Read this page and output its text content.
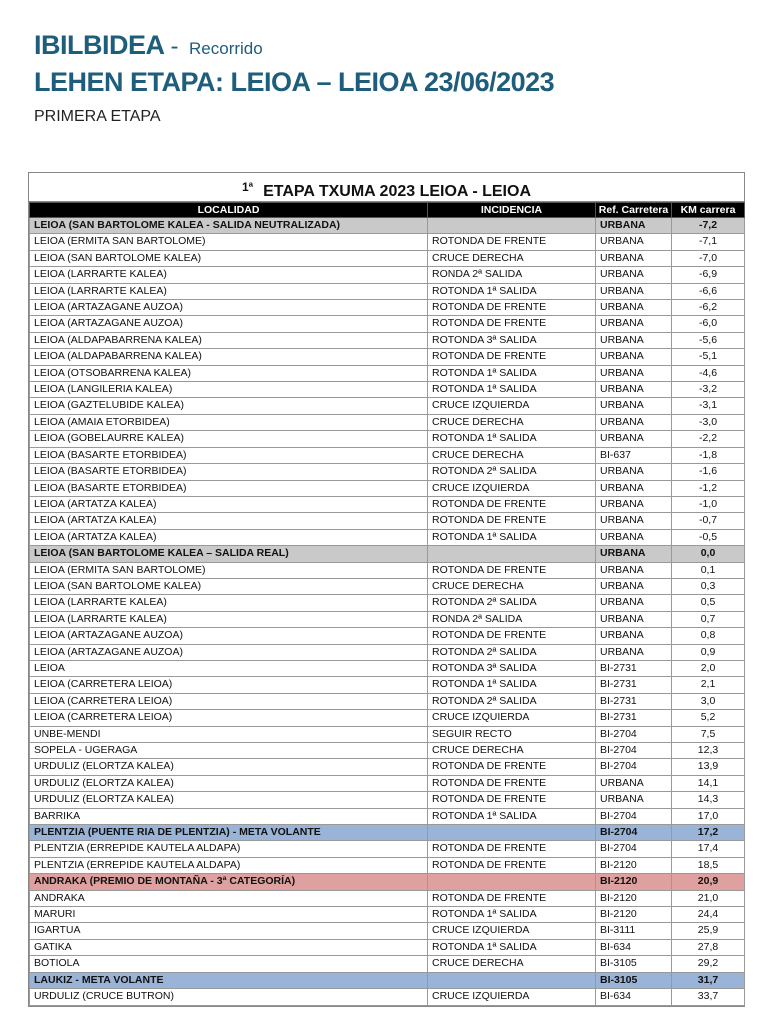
IBILBIDEA - Recorrido
LEHEN ETAPA: LEIOA – LEIOA 23/06/2023
PRIMERA ETAPA
$^{1ª}$ ETAPA TXUMA 2023 LEIOA - LEIOA
LOCALIDAD	INCIDENCIA	Ref. Carretera	KM carrera
LEIOA (SAN BARTOLOME KALEA - SALIDA NEUTRALIZADA)		URBANA	-7,2
LEIOA (ERMITA SAN BARTOLOME)	ROTONDA DE FRENTE	URBANA	-7,1
LEIOA (SAN BARTOLOME KALEA)	CRUCE DERECHA	URBANA	-7,0
LEIOA (LARRARTE KALEA)	RONDA 2ª SALIDA	URBANA	-6,9
LEIOA (LARRARTE KALEA)	ROTONDA 1ª SALIDA	URBANA	-6,6
LEIOA (ARTAZAGANE AUZOA)	ROTONDA DE FRENTE	URBANA	-6,2
LEIOA (ARTAZAGANE AUZOA)	ROTONDA DE FRENTE	URBANA	-6,0
LEIOA (ALDAPABARRENA KALEA)	ROTONDA 3ª SALIDA	URBANA	-5,6
LEIOA (ALDAPABARRENA KALEA)	ROTONDA DE FRENTE	URBANA	-5,1
LEIOA (OTSOBARRENA KALEA)	ROTONDA 1ª SALIDA	URBANA	-4,6
LEIOA (LANGILERIA KALEA)	ROTONDA 1ª SALIDA	URBANA	-3,2
LEIOA (GAZTELUBIDE KALEA)	CRUCE IZQUIERDA	URBANA	-3,1
LEIOA (AMAIA ETORBIDEA)	CRUCE DERECHA	URBANA	-3,0
LEIOA (GOBELAURRE KALEA)	ROTONDA 1ª SALIDA	URBANA	-2,2
LEIOA (BASARTE ETORBIDEA)	CRUCE DERECHA	BI-637	-1,8
LEIOA (BASARTE ETORBIDEA)	ROTONDA 2ª SALIDA	URBANA	-1,6
LEIOA (BASARTE ETORBIDEA)	CRUCE IZQUIERDA	URBANA	-1,2
LEIOA (ARTATZA KALEA)	ROTONDA DE FRENTE	URBANA	-1,0
LEIOA (ARTATZA KALEA)	ROTONDA DE FRENTE	URBANA	-0,7
LEIOA (ARTATZA KALEA)	ROTONDA 1ª SALIDA	URBANA	-0,5
LEIOA (SAN BARTOLOME KALEA – SALIDA REAL)		URBANA	0,0
LEIOA (ERMITA SAN BARTOLOME)	ROTONDA DE FRENTE	URBANA	0,1
LEIOA (SAN BARTOLOME KALEA)	CRUCE DERECHA	URBANA	0,3
LEIOA (LARRARTE KALEA)	ROTONDA 2ª SALIDA	URBANA	0,5
LEIOA (LARRARTE KALEA)	RONDA 2ª SALIDA	URBANA	0,7
LEIOA (ARTAZAGANE AUZOA)	ROTONDA DE FRENTE	URBANA	0,8
LEIOA (ARTAZAGANE AUZOA)	ROTONDA 2ª SALIDA	URBANA	0,9
LEIOA	ROTONDA 3ª SALIDA	BI-2731	2,0
LEIOA (CARRETERA LEIOA)	ROTONDA 1ª SALIDA	BI-2731	2,1
LEIOA (CARRETERA LEIOA)	ROTONDA 2ª SALIDA	BI-2731	3,0
LEIOA (CARRETERA LEIOA)	CRUCE IZQUIERDA	BI-2731	5,2
UNBE-MENDI	SEGUIR RECTO	BI-2704	7,5
SOPELA - UGERAGA	CRUCE DERECHA	BI-2704	12,3
URDULIZ (ELORTZA KALEA)	ROTONDA DE FRENTE	BI-2704	13,9
URDULIZ (ELORTZA KALEA)	ROTONDA DE FRENTE	URBANA	14,1
URDULIZ (ELORTZA KALEA)	ROTONDA DE FRENTE	URBANA	14,3
BARRIKA	ROTONDA 1ª SALIDA	BI-2704	17,0
PLENTZIA (PUENTE RIA DE PLENTZIA) - META VOLANTE		BI-2704	17,2
PLENTZIA (ERREPIDE KAUTELA ALDAPA)	ROTONDA DE FRENTE	BI-2704	17,4
PLENTZIA (ERREPIDE KAUTELA ALDAPA)	ROTONDA DE FRENTE	BI-2120	18,5
ANDRAKA (PREMIO DE MONTAÑA - 3ª CATEGORÍA)		BI-2120	20,9
ANDRAKA	ROTONDA DE FRENTE	BI-2120	21,0
MARURI	ROTONDA 1ª SALIDA	BI-2120	24,4
IGARTUA	CRUCE IZQUIERDA	BI-3111	25,9
GATIKA	ROTONDA 1ª SALIDA	BI-634	27,8
BOTIOLA	CRUCE DERECHA	BI-3105	29,2
LAUKIZ - META VOLANTE		BI-3105	31,7
URDULIZ (CRUCE BUTRON)	CRUCE IZQUIERDA	BI-634	33,7
